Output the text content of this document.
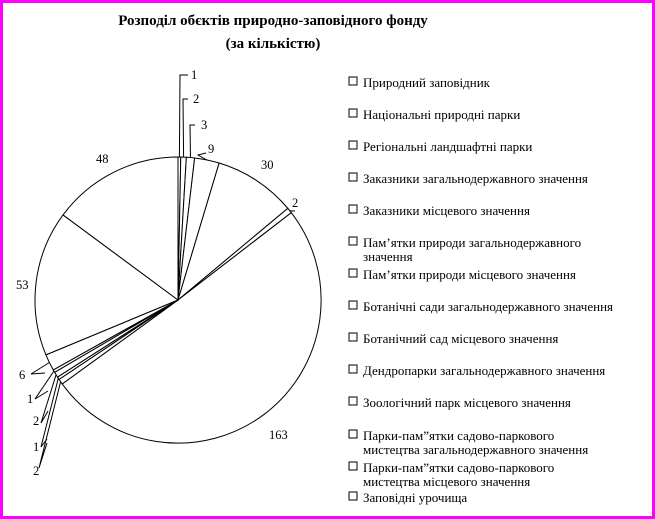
Розподіл обєктів природно-заповідного фонду
(за кількістю)
1
2
3
9
30
2
163
2
1
2
1
6
53
48
Природний заповідник
Національні природні парки
Регіональні ландшафтні парки
Заказники загальнодержавного значення
Заказники місцевого значення
Пам’ятки природи загальнодержавного
значення
Пам’ятки природи місцевого значення
Ботанічні сади загальнодержавного значення
Ботанічний сад місцевого значення
Дендропарки загальнодержавного значення
Зоологічний парк місцевого значення
Парки-пам”ятки садово-паркового
мистецтва загальнодержавного значення
Парки-пам”ятки садово-паркового
мистецтва місцевого значення
Заповідні урочища
